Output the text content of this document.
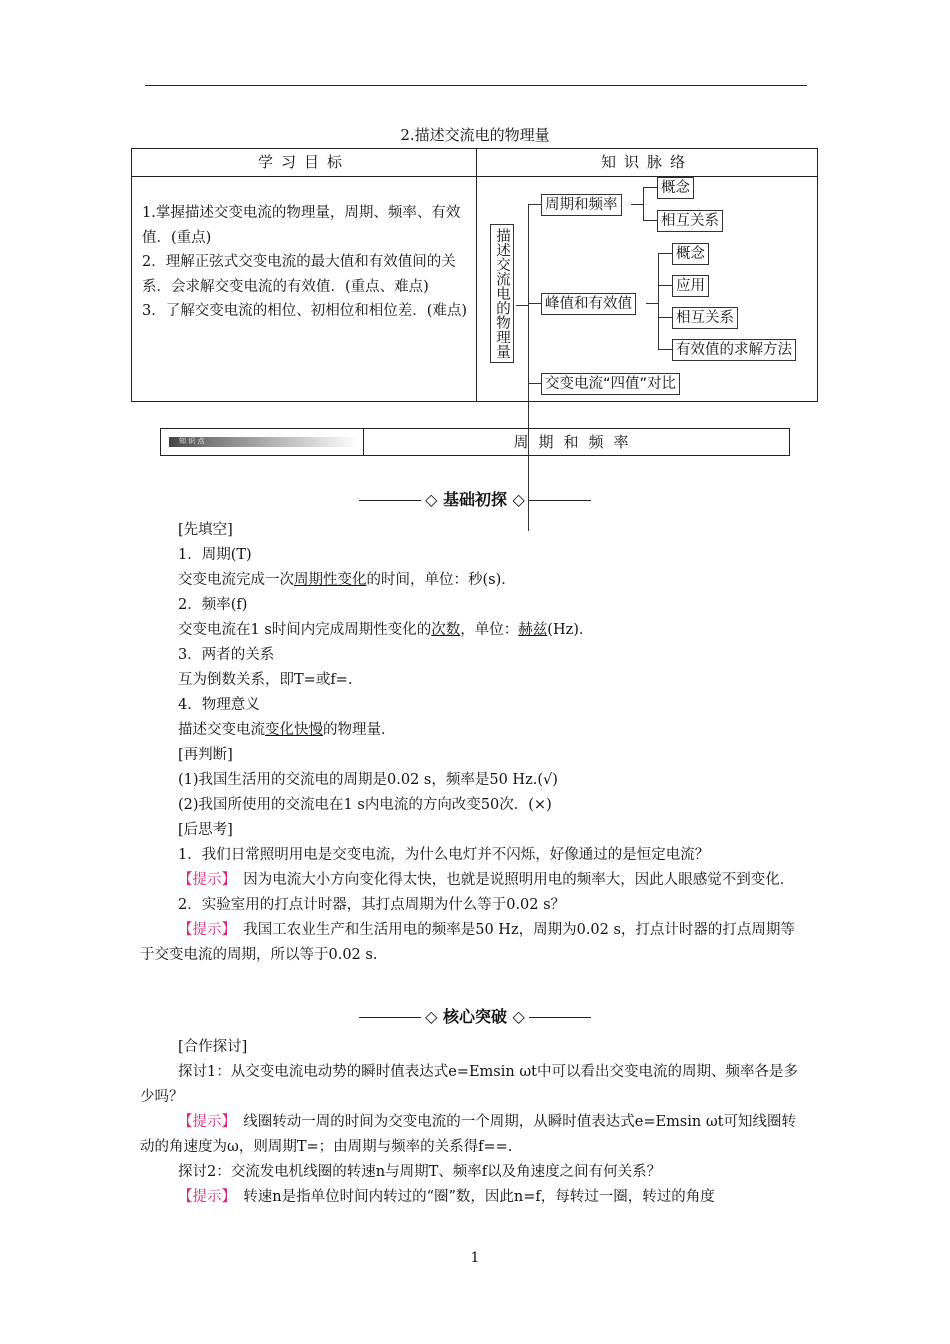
2.描述交流电的物理量
学习目标	知识脉络

1.掌握描述交变电流的物理量，周期、频率、有效值．(重点)

2．理解正弦式交变电流的最大值和有效值间的关系．会求解交变电流的有效值．(重点、难点)

3．了解交变电流的相位、初相位和相位差．(难点) 描述交流电的物理量
周期和频率
概念
相互关系
峰值和有效值
概念
应用
相互关系
有效值的求解方法
交变电流“四值”对比
知 识 点	周期和频率
◇ 基础初探 ◇

[先填空]

1．周期(T)

交变电流完成一次周期性变化的时间，单位：秒(s)．

2．频率(f)

交变电流在1 s时间内完成周期性变化的次数，单位：赫兹(Hz)．

3．两者的关系

互为倒数关系，即T=或f=.

4．物理意义

描述交变电流变化快慢的物理量．

[再判断]

(1)我国生活用的交流电的周期是0.02 s，频率是50 Hz.(√)

(2)我国所使用的交流电在1 s内电流的方向改变50次．(×)

[后思考]

1．我们日常照明用电是交变电流，为什么电灯并不闪烁，好像通过的是恒定电流？

【提示】　因为电流大小方向变化得太快，也就是说照明用电的频率大，因此人眼感觉不到变化．

2．实验室用的打点计时器，其打点周期为什么等于0.02 s？

【提示】　我国工农业生产和生活用电的频率是50 Hz，周期为0.02 s，打点计时器的打点周期等于交变电流的周期，所以等于0.02 s.

◇ 核心突破 ◇

[合作探讨]

探讨1：从交变电流电动势的瞬时值表达式e=Emsin ωt中可以看出交变电流的周期、频率各是多少吗？

【提示】　线圈转动一周的时间为交变电流的一个周期，从瞬时值表达式e=Emsin ωt可知线圈转动的角速度为ω，则周期T=；由周期与频率的关系得f==.

探讨2：交流发电机线圈的转速n与周期T、频率f以及角速度之间有何关系？

【提示】　转速n是指单位时间内转过的“圈”数，因此n=f，每转过一圈，转过的角度

1
